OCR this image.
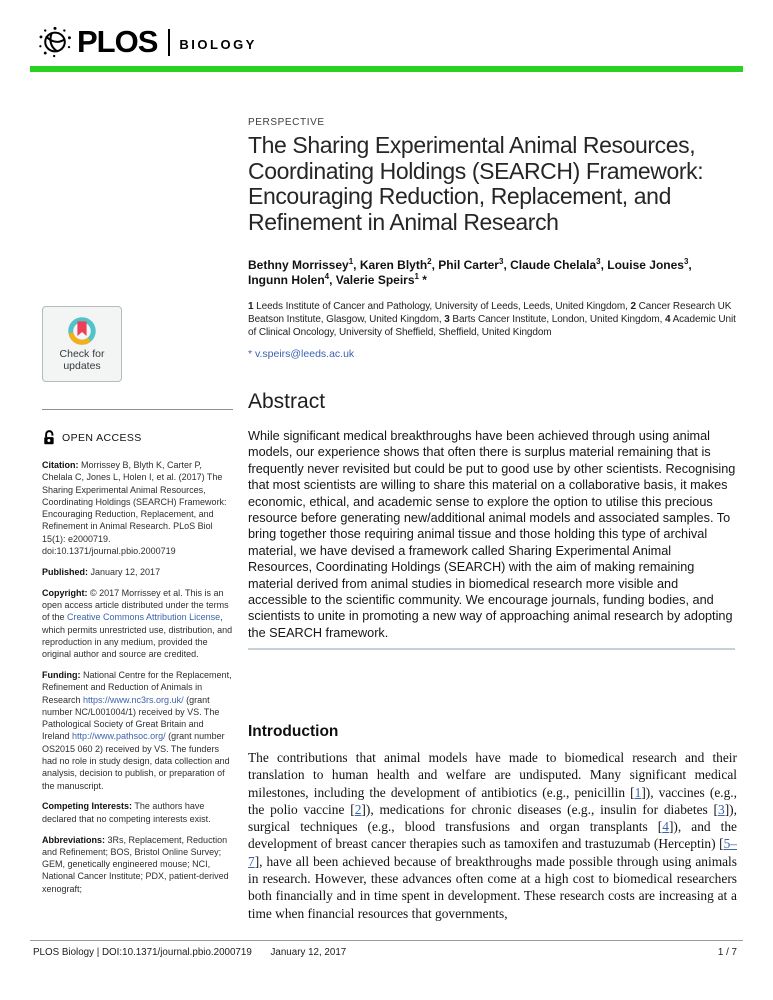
PLOS BIOLOGY
Check for
updates
OPEN ACCESS

Citation: Morrissey B, Blyth K, Carter P, Chelala C, Jones L, Holen I, et al. (2017) The Sharing Experimental Animal Resources, Coordinating Holdings (SEARCH) Framework: Encouraging Reduction, Replacement, and Refinement in Animal Research. PLoS Biol 15(1): e2000719. doi:10.1371/journal.pbio.2000719

Published: January 12, 2017

Copyright: © 2017 Morrissey et al. This is an open access article distributed under the terms of the Creative Commons Attribution License, which permits unrestricted use, distribution, and reproduction in any medium, provided the original author and source are credited.

Funding: National Centre for the Replacement, Refinement and Reduction of Animals in Research https://www.nc3rs.org.uk/ (grant number NC/L001004/1) received by VS. The Pathological Society of Great Britain and Ireland http://www.pathsoc.org/ (grant number OS2015 060 2) received by VS. The funders had no role in study design, data collection and analysis, decision to publish, or preparation of the manuscript.

Competing Interests: The authors have declared that no competing interests exist.

Abbreviations: 3Rs, Replacement, Reduction and Refinement; BOS, Bristol Online Survey; GEM, genetically engineered mouse; NCI, National Cancer Institute; PDX, patient-derived xenograft;

PERSPECTIVE

The Sharing Experimental Animal Resources, Coordinating Holdings (SEARCH) Framework: Encouraging Reduction, Replacement, and Refinement in Animal Research

Bethny Morrissey$^1$, Karen Blyth$^2$, Phil Carter$^3$, Claude Chelala$^3$, Louise Jones$^3$,
Ingunn Holen$^4$, Valerie Speirs$^1$ *

1 Leeds Institute of Cancer and Pathology, University of Leeds, Leeds, United Kingdom, 2 Cancer Research UK Beatson Institute, Glasgow, United Kingdom, 3 Barts Cancer Institute, London, United Kingdom, 4 Academic Unit of Clinical Oncology, University of Sheffield, Sheffield, United Kingdom

* v.speirs@leeds.ac.uk

Abstract

While significant medical breakthroughs have been achieved through using animal models, our experience shows that often there is surplus material remaining that is frequently never revisited but could be put to good use by other scientists. Recognising that most scientists are willing to share this material on a collaborative basis, it makes economic, ethical, and academic sense to explore the option to utilise this precious resource before generating new/additional animal models and associated samples. To bring together those requiring animal tissue and those holding this type of archival material, we have devised a framework called Sharing Experimental Animal Resources, Coordinating Holdings (SEARCH) with the aim of making remaining material derived from animal studies in biomedical research more visible and accessible to the scientific community. We encourage journals, funding bodies, and scientists to unite in promoting a new way of approaching animal research by adopting the SEARCH framework.

Introduction

The contributions that animal models have made to biomedical research and their translation to human health and welfare are undisputed. Many significant medical milestones, including the development of antibiotics (e.g., penicillin [1]), vaccines (e.g., the polio vaccine [2]), medications for chronic diseases (e.g., insulin for diabetes [3]), surgical techniques (e.g., blood transfusions and organ transplants [4]), and the development of breast cancer therapies such as tamoxifen and trastuzumab (Herceptin) [5–7], have all been achieved because of breakthroughs made possible through using animals in research. However, these advances often come at a high cost to biomedical researchers both financially and in time spent in development. These research costs are increasing at a time when financial resources that governments,

PLOS Biology | DOI:10.1371/journal.pbio.2000719 January 12, 2017	1 / 7
